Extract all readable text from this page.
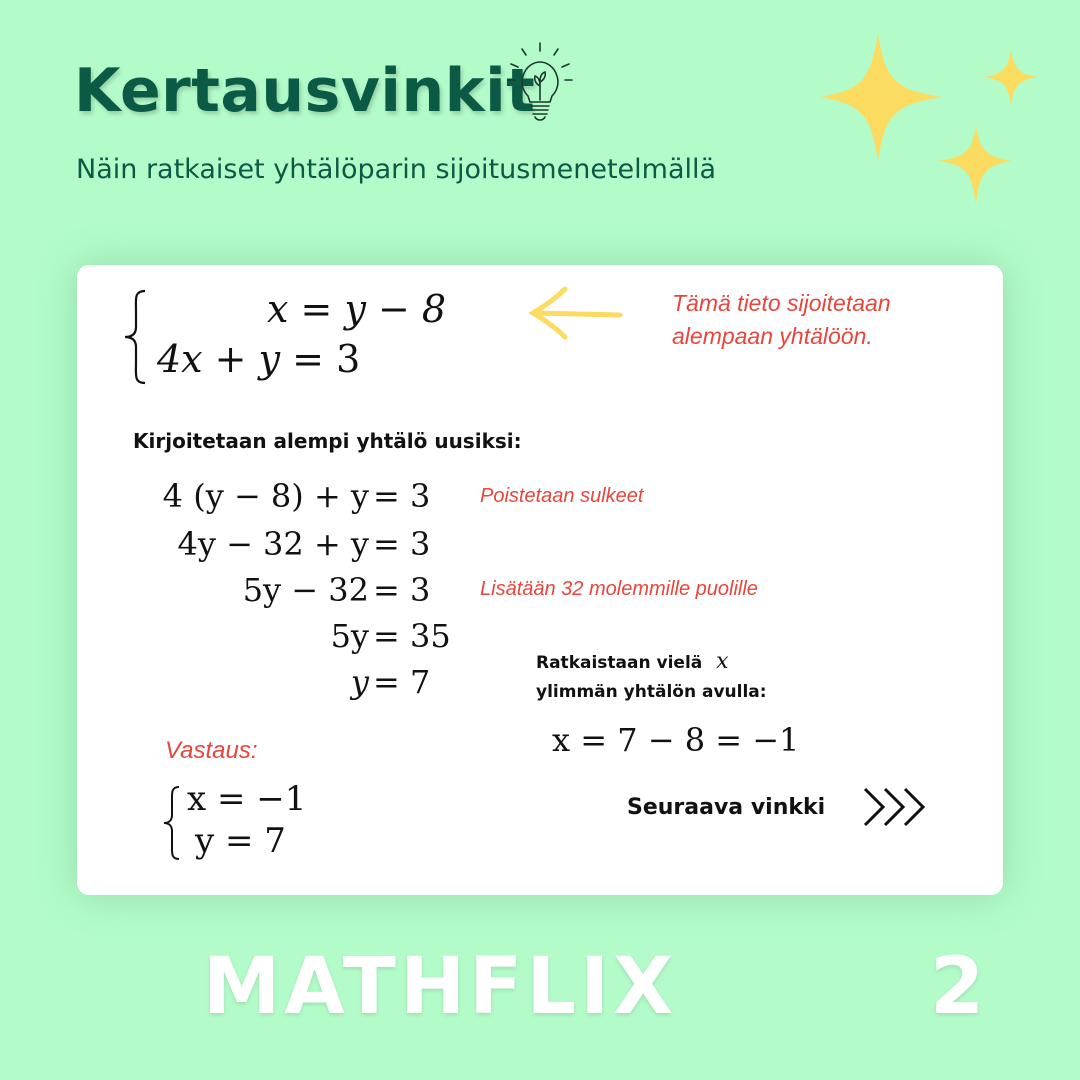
Kertausvinkit

Näin ratkaiset yhtälöparin sijoitusmenetelmällä

x = y − 8
4x + y = 3
Tämä tieto sijoitetaan
alempaan yhtälöön.
Kirjoitetaan alempi yhtälö uusiksi:
4 (y − 8) + y = 3 Poistetaan sulkeet
4y − 32 + y = 3
5y − 32 = 3 Lisätään 32 molemmille puolille
5y = 35
y = 7	Ratkaistaan vielä x
ylimmän yhtälön avulla:
x = 7 − 8 = −1
Vastaus:
x = −1
y = 7
Seuraava vinkki
MATHFLIX	2
